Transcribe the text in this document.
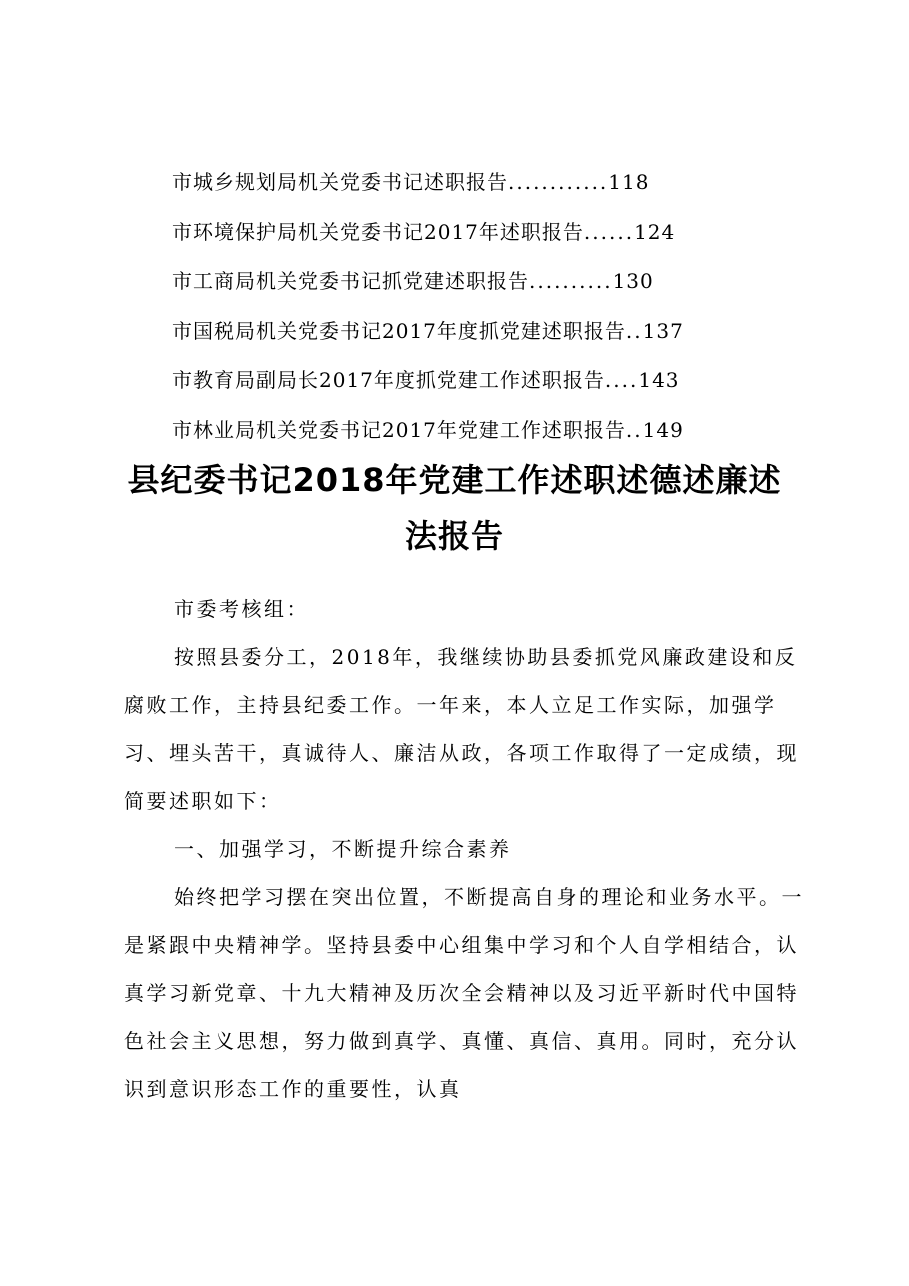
市城乡规划局机关党委书记述职报告 ............ 118
市环境保护局机关党委书记2017年述职报告 ...... 124
市工商局机关党委书记抓党建述职报告 .......... 130
市国税局机关党委书记2017年度抓党建述职报告 .. 137
市教育局副局长2017年度抓党建工作述职报告 .... 143
市林业局机关党委书记2017年党建工作述职报告 .. 149
县纪委书记2018年党建工作述职述德述廉述
法报告

市委考核组：

按照县委分工，2018年，我继续协助县委抓党风廉政建设和反腐败工作，主持县纪委工作。一年来，本人立足工作实际，加强学习、埋头苦干，真诚待人、廉洁从政，各项工作取得了一定成绩，现简要述职如下：

一、加强学习，不断提升综合素养

始终把学习摆在突出位置，不断提高自身的理论和业务水平。一是紧跟中央精神学。坚持县委中心组集中学习和个人自学相结合，认真学习新党章、十九大精神及历次全会精神以及习近平新时代中国特色社会主义思想，努力做到真学、真懂、真信、真用。同时，充分认识到意识形态工作的重要性，认真
